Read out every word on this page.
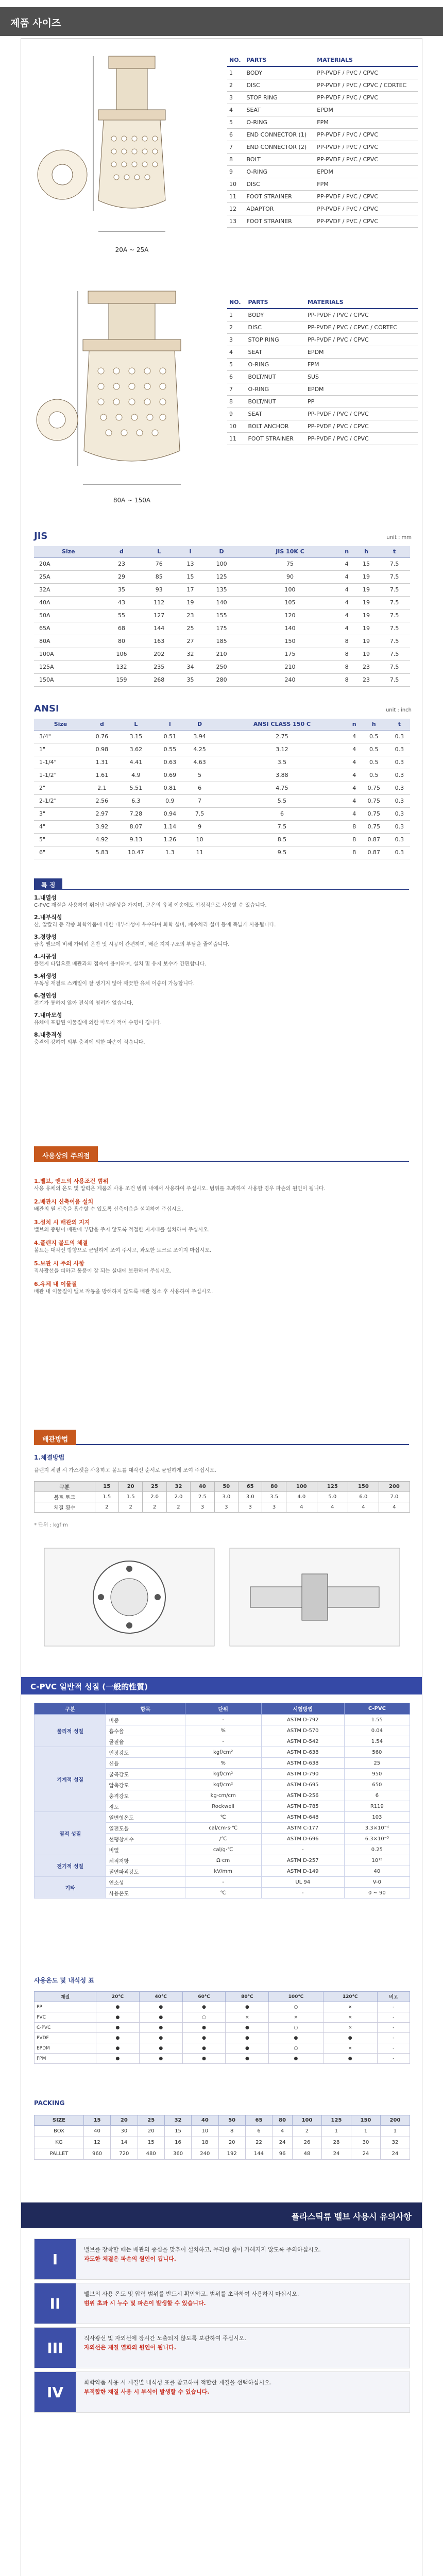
제품 사이즈
20A ~ 25A
NO.	PARTS	MATERIALS
1	BODY	PP-PVDF / PVC / CPVC
2	DISC	PP-PVDF / PVC / CPVC / CORTEC
3	STOP RING	PP-PVDF / PVC / CPVC
4	SEAT	EPDM
5	O-RING	FPM
6	END CONNECTOR (1)	PP-PVDF / PVC / CPVC
7	END CONNECTOR (2)	PP-PVDF / PVC / CPVC
8	BOLT	PP-PVDF / PVC / CPVC
9	O-RING	EPDM
10	DISC	FPM
11	FOOT STRAINER	PP-PVDF / PVC / CPVC
12	ADAPTOR	PP-PVDF / PVC / CPVC
13	FOOT STRAINER	PP-PVDF / PVC / CPVC
80A ~ 150A
NO.	PARTS	MATERIALS
1	BODY	PP-PVDF / PVC / CPVC
2	DISC	PP-PVDF / PVC / CPVC / CORTEC
3	STOP RING	PP-PVDF / PVC / CPVC
4	SEAT	EPDM
5	O-RING	FPM
6	BOLT/NUT	SUS
7	O-RING	EPDM
8	BOLT/NUT	PP
9	SEAT	PP-PVDF / PVC / CPVC
10	BOLT ANCHOR	PP-PVDF / PVC / CPVC
11	FOOT STRAINER	PP-PVDF / PVC / CPVC
JIS	unit : mm
Size	d	L	l	D	JIS 10K C	n	h	t
20A	23	76	13	100	75	4	15	7.5
25A	29	85	15	125	90	4	19	7.5
32A	35	93	17	135	100	4	19	7.5
40A	43	112	19	140	105	4	19	7.5
50A	55	127	23	155	120	4	19	7.5
65A	68	144	25	175	140	4	19	7.5
80A	80	163	27	185	150	8	19	7.5
100A	106	202	32	210	175	8	19	7.5
125A	132	235	34	250	210	8	23	7.5
150A	159	268	35	280	240	8	23	7.5
ANSI	unit : inch
Size	d	L	l	D	ANSI CLASS 150 C	n	h	t
3/4"	0.76	3.15	0.51	3.94	2.75	4	0.5	0.3
1"	0.98	3.62	0.55	4.25	3.12	4	0.5	0.3
1-1/4"	1.31	4.41	0.63	4.63	3.5	4	0.5	0.3
1-1/2"	1.61	4.9	0.69	5	3.88	4	0.5	0.3
2"	2.1	5.51	0.81	6	4.75	4	0.75	0.3
2-1/2"	2.56	6.3	0.9	7	5.5	4	0.75	0.3
3"	2.97	7.28	0.94	7.5	6	4	0.75	0.3
4"	3.92	8.07	1.14	9	7.5	8	0.75	0.3
5"	4.92	9.13	1.26	10	8.5	8	0.87	0.3
6"	5.83	10.47	1.3	11	9.5	8	0.87	0.3
특 징
1.내열성

C-PVC 재질을 사용하여 뛰어난 내열성을 가지며, 고온의 유체 이송에도 안정적으로 사용할 수 있습니다.

2.내부식성

산, 알칼리 등 각종 화학약품에 대한 내부식성이 우수하여 화학 설비, 폐수처리 설비 등에 폭넓게 사용됩니다.

3.경량성

금속 밸브에 비해 가벼워 운반 및 시공이 간편하며, 배관 지지구조의 부담을 줄여줍니다.

4.시공성

플랜지 타입으로 배관과의 접속이 용이하며, 설치 및 유지 보수가 간편합니다.

5.위생성

무독성 재질로 스케일이 잘 생기지 않아 깨끗한 유체 이송이 가능합니다.

6.절연성

전기가 통하지 않아 전식의 염려가 없습니다.

7.내마모성

유체에 포함된 이물질에 의한 마모가 적어 수명이 깁니다.

8.내충격성

충격에 강하여 외부 충격에 의한 파손이 적습니다.

사용상의 주의점
1.밸브, 앤드의 사용조건 범위

사용 유체의 온도 및 압력은 제품의 사용 조건 범위 내에서 사용하여 주십시오. 범위를 초과하여 사용할 경우 파손의 원인이 됩니다.

2.배관시 신축이음 설치

배관의 열 신축을 흡수할 수 있도록 신축이음을 설치하여 주십시오.

3.설치 시 배관의 지지

밸브의 중량이 배관에 부담을 주지 않도록 적절한 지지대를 설치하여 주십시오.

4.플랜지 볼트의 체결

볼트는 대각선 방향으로 균일하게 조여 주시고, 과도한 토크로 조이지 마십시오.

5.보관 시 주의 사항

직사광선을 피하고 통풍이 잘 되는 실내에 보관하여 주십시오.

6.유체 내 이물질

배관 내 이물질이 밸브 작동을 방해하지 않도록 배관 청소 후 사용하여 주십시오.

배관방법
1.체결방법
플랜지 체결 시 가스켓을 사용하고 볼트를 대각선 순서로 균일하게 조여 주십시오.
구분	15	20	25	32	40	50	65	80	100	125	150	200
볼트 토크	1.5	1.5	2.0	2.0	2.5	3.0	3.0	3.5	4.0	5.0	6.0	7.0
체결 횟수	2	2	2	2	3	3	3	3	4	4	4	4
* 단위 : kgf·m
C-PVC 일반적 성질 (一般的性質)
구분	항목	단위	시험방법	C-PVC
물리적 성질	비중	-	ASTM D-792	1.55
	흡수율	%	ASTM D-570	0.04
	굴절율	-	ASTM D-542	1.54
기계적 성질	인장강도	kgf/cm²	ASTM D-638	560
	신율	%	ASTM D-638	25
	굴곡강도	kgf/cm²	ASTM D-790	950
	압축강도	kgf/cm²	ASTM D-695	650
	충격강도	kg·cm/cm	ASTM D-256	6
	경도	Rockwell	ASTM D-785	R119
열적 성질	열변형온도	℃	ASTM D-648	103
	열전도율	cal/cm·s·℃	ASTM C-177	3.3×10⁻⁴
	선팽창계수	/℃	ASTM D-696	6.3×10⁻⁵
	비열	cal/g·℃	-	0.25
전기적 성질	체적저항	Ω·cm	ASTM D-257	10¹⁵
	절연파괴강도	kV/mm	ASTM D-149	40
기타	연소성	-	UL 94	V-0
	사용온도	℃	-	0 ~ 90
사용온도 및 내식성 표
재질	20℃	40℃	60℃	80℃	100℃	120℃	비고
PP	●	●	●	●	○	×	-
PVC	●	●	○	×	×	×	-
C-PVC	●	●	●	●	○	×	-
PVDF	●	●	●	●	●	●	-
EPDM	●	●	●	●	○	×	-
FPM	●	●	●	●	●	●	-
PACKING
SIZE	15	20	25	32	40	50	65	80	100	125	150	200
BOX	40	30	20	15	10	8	6	4	2	1	1	1
KG	12	14	15	16	18	20	22	24	26	28	30	32
PALLET	960	720	480	360	240	192	144	96	48	24	24	24
플라스틱류 밸브 사용시 유의사항
I
밸브를 장착할 때는 배관의 중심을 맞추어 설치하고, 무리한 힘이 가해지지 않도록 주의하십시오.
과도한 체결은 파손의 원인이 됩니다.
II
밸브의 사용 온도 및 압력 범위를 반드시 확인하고, 범위를 초과하여 사용하지 마십시오.
범위 초과 시 누수 및 파손이 발생할 수 있습니다.
III
직사광선 및 자외선에 장시간 노출되지 않도록 보관하여 주십시오.
자외선은 재질 열화의 원인이 됩니다.
IV
화학약품 사용 시 재질별 내식성 표를 참고하여 적합한 재질을 선택하십시오.
부적합한 재질 사용 시 부식이 발생할 수 있습니다.
